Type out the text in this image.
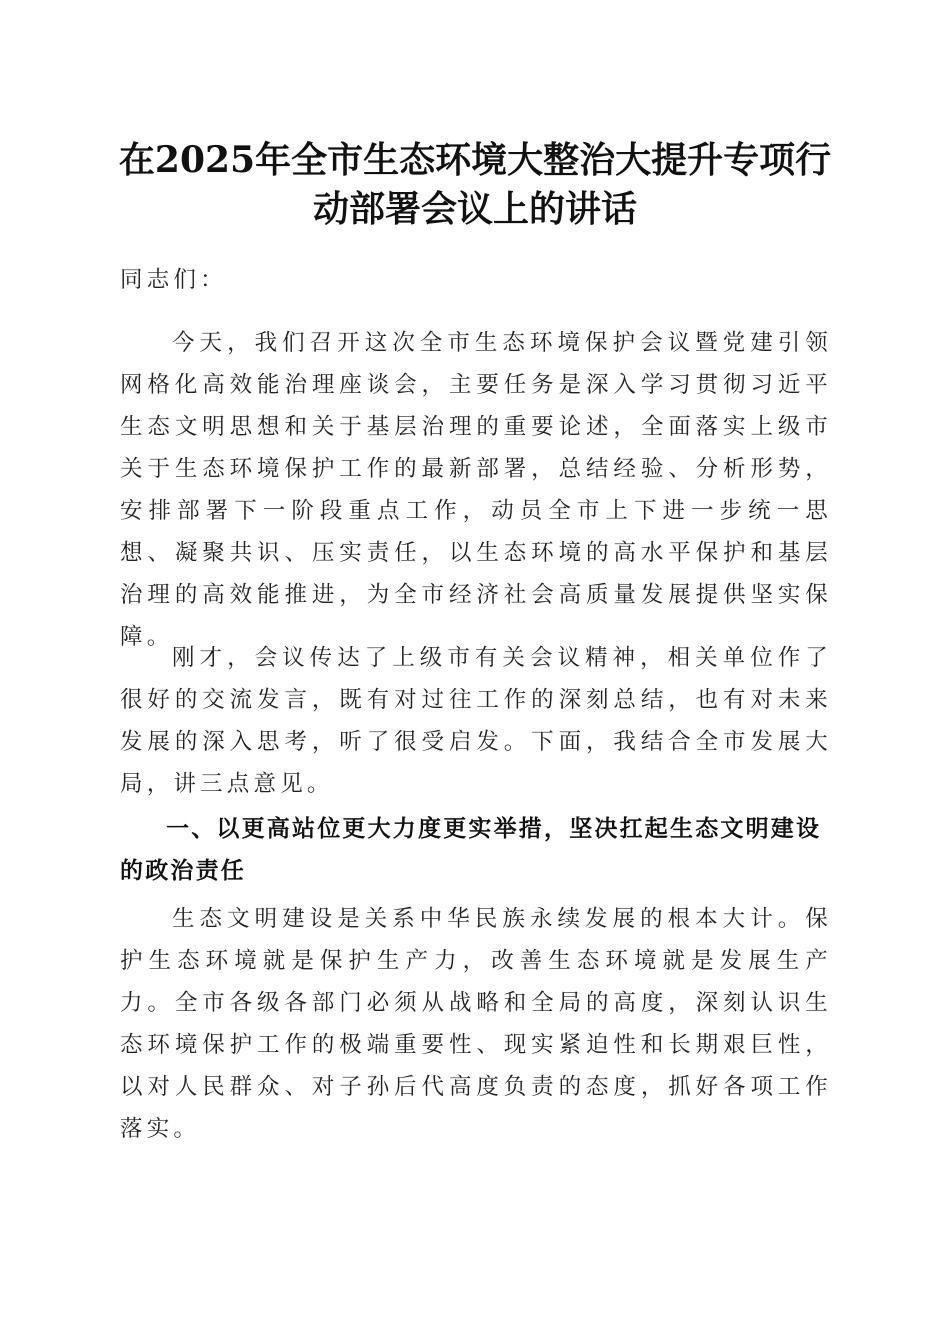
在2025年全市生态环境大整治大提升专项行
动部署会议上的讲话
同志们：
今天，我们召开这次全市生态环境保护会议暨党建引领网格化高效能治理座谈会，主要任务是深入学习贯彻习近平生态文明思想和关于基层治理的重要论述，全面落实上级市关于生态环境保护工作的最新部署，总结经验、分析形势，安排部署下一阶段重点工作，动员全市上下进一步统一思想、凝聚共识、压实责任，以生态环境的高水平保护和基层治理的高效能推进，为全市经济社会高质量发展提供坚实保障。
刚才，会议传达了上级市有关会议精神，相关单位作了很好的交流发言，既有对过往工作的深刻总结，也有对未来发展的深入思考，听了很受启发。下面，我结合全市发展大局，讲三点意见。
一、以更高站位更大力度更实举措，坚决扛起生态文明建设的政治责任
生态文明建设是关系中华民族永续发展的根本大计。保护生态环境就是保护生产力，改善生态环境就是发展生产力。全市各级各部门必须从战略和全局的高度，深刻认识生态环境保护工作的极端重要性、现实紧迫性和长期艰巨性，以对人民群众、对子孙后代高度负责的态度，抓好各项工作落实。
